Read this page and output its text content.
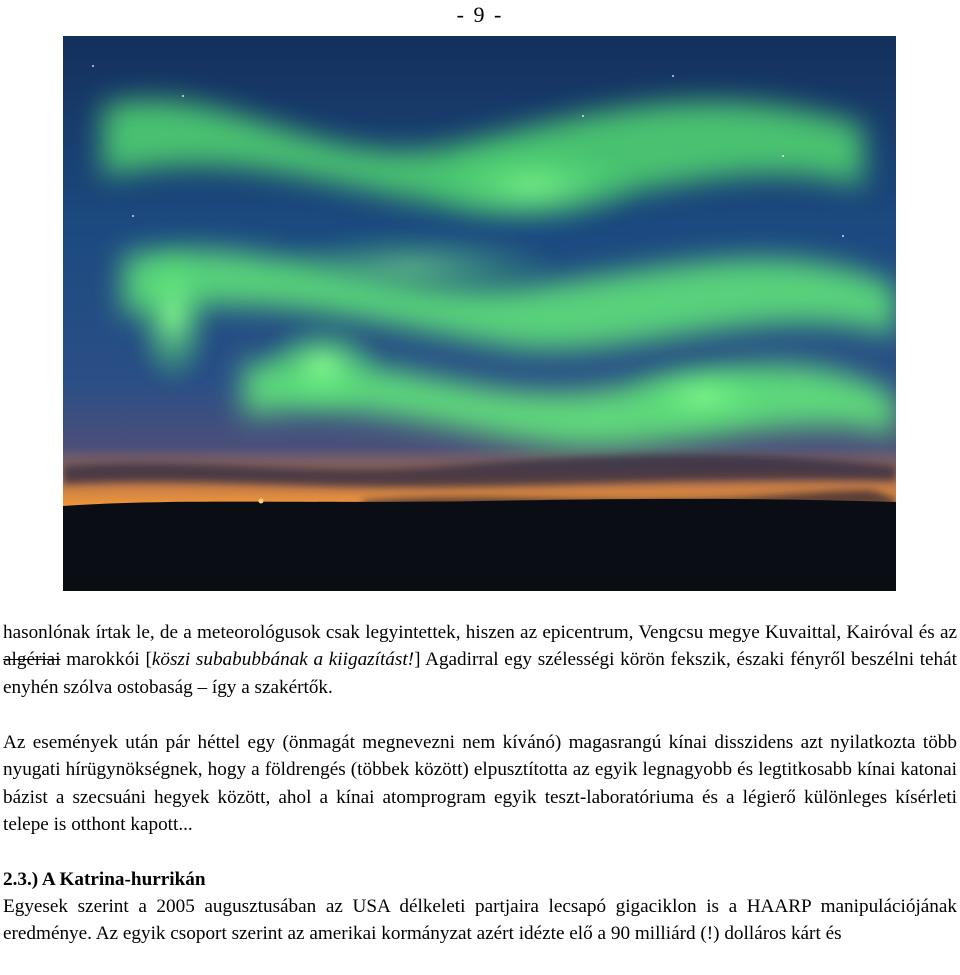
- 9 -

hasonlónak írtak le, de a meteorológusok csak legyintettek, hiszen az epicentrum, Vengcsu megye Kuvaittal, Kairóval és az algériai marokkói [köszi subabubbának a kiigazítást!] Agadirral egy szélességi körön fekszik, északi fényről beszélni tehát enyhén szólva ostobaság – így a szakértők.

Az események után pár héttel egy (önmagát megnevezni nem kívánó) magasrangú kínai disszidens azt nyilatkozta több nyugati hírügynökségnek, hogy a földrengés (többek között) elpusztította az egyik legnagyobb és legtitkosabb kínai katonai bázist a szecsuáni hegyek között, ahol a kínai atomprogram egyik teszt-laboratóriuma és a légierő különleges kísérleti telepe is otthont kapott...

2.3.) A Katrina-hurrikán

Egyesek szerint a 2005 augusztusában az USA délkeleti partjaira lecsapó gigaciklon is a HAARP manipulációjának eredménye. Az egyik csoport szerint az amerikai kormányzat azért idézte elő a 90 milliárd (!) dolláros kárt és
